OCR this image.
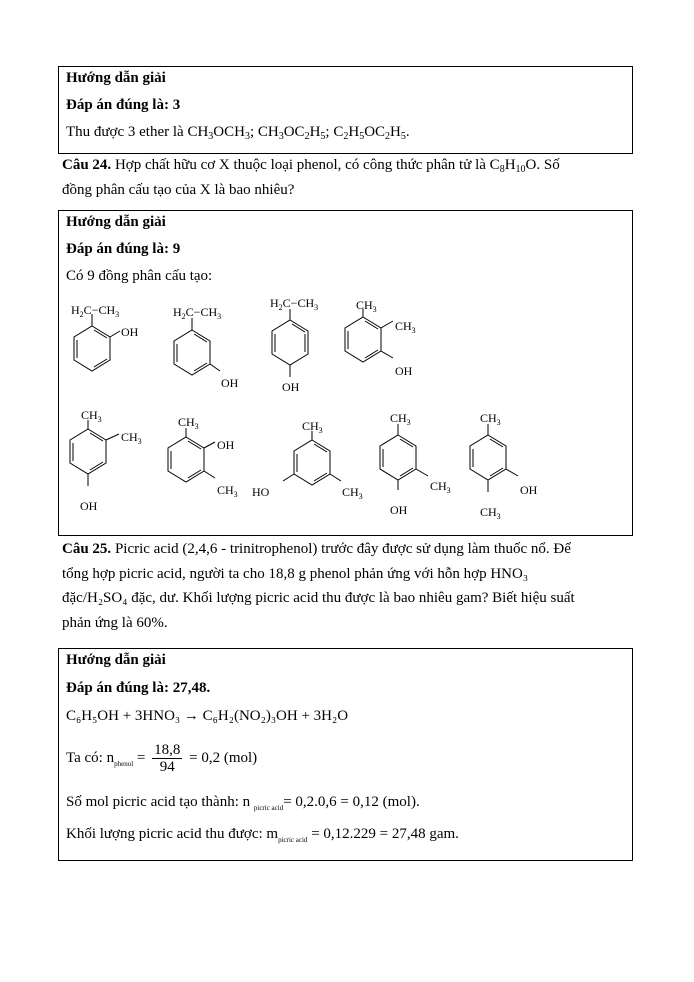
Hướng dẫn giải
Đáp án đúng là: 3
Thu được 3 ether là $CH_3OCH_3$; $CH_3OC_2H_5$; $C_2H_5OC_2H_5$.
Câu 24. Hợp chất hữu cơ X thuộc loại phenol, có công thức phân tử là $C_8H_{10}O$. Số
đồng phân cấu tạo của X là bao nhiêu?
Hướng dẫn giải
Đáp án đúng là: 9
Có 9 đồng phân cấu tạo:
$H_2C-CH_3$
OH
$H_2C-CH_3$
OH
$H_2C-CH_3$
OH
$CH_3$
$CH_3$
OH
$CH_3$
$CH_3$
OH
$CH_3$
OH
$CH_3$
$CH_3$
HO	$CH_3$
$CH_3$
$CH_3$
OH
$CH_3$
OH
$CH_3$
Câu 25. Picric acid (2,4,6 - trinitrophenol) trước đây được sử dụng làm thuốc nổ. Để
tổng hợp picric acid, người ta cho 18,8 g phenol phản ứng với hỗn hợp HNO₃
đặc/H₂SO₄ đặc, dư. Khối lượng picric acid thu được là bao nhiêu gam? Biết hiệu suất
phản ứng là 60%.
Hướng dẫn giải
Đáp án đúng là: 27,48.
C₆H₅OH + 3HNO₃ → C₆H₂(NO₂)₃OH + 3H₂O
Ta có: $n_{phenol} = \frac{18,8}{94} = 0,2$ (mol)
Số mol picric acid tạo thành: n $_{picric acid}$= 0,2.0,6 = 0,12 (mol).
Khối lượng picric acid thu được: $m_{picric acid} = 0,12.229 = 27,48$ gam.
